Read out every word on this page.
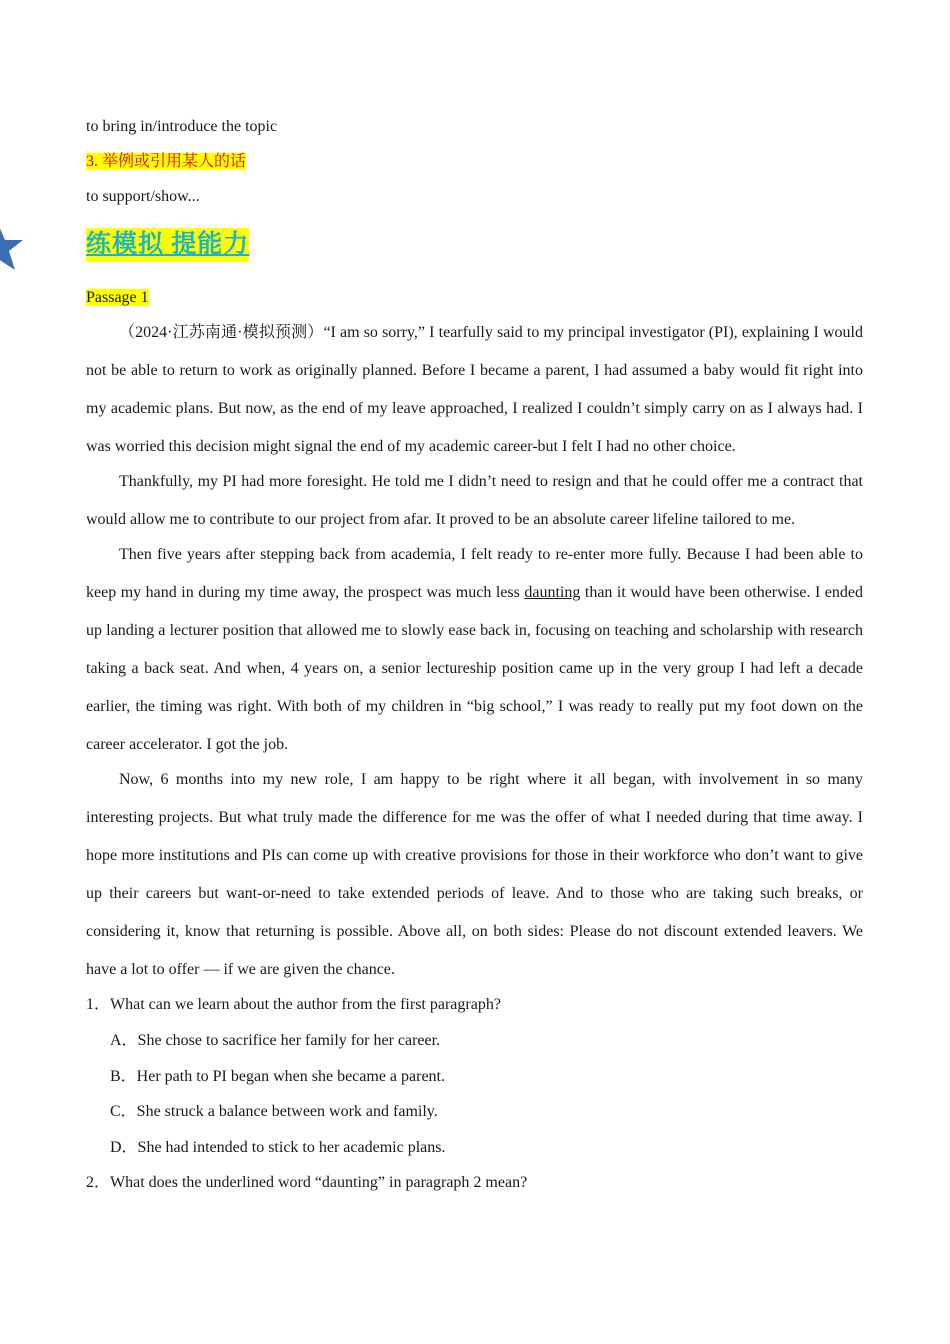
to bring in/introduce the topic
3. 举例或引用某人的话
to support/show...
练模拟 提能力
Passage 1

（2024·江苏南通·模拟预测）“I am so sorry,” I tearfully said to my principal investigator (PI), explaining I would not be able to return to work as originally planned. Before I became a parent, I had assumed a baby would fit right into my academic plans. But now, as the end of my leave approached, I realized I couldn’t simply carry on as I always had. I was worried this decision might signal the end of my academic career-but I felt I had no other choice.

Thankfully, my PI had more foresight. He told me I didn’t need to resign and that he could offer me a contract that would allow me to contribute to our project from afar. It proved to be an absolute career lifeline tailored to me.

Then five years after stepping back from academia, I felt ready to re-enter more fully. Because I had been able to keep my hand in during my time away, the prospect was much less daunting than it would have been otherwise. I ended up landing a lecturer position that allowed me to slowly ease back in, focusing on teaching and scholarship with research taking a back seat. And when, 4 years on, a senior lectureship position came up in the very group I had left a decade earlier, the timing was right. With both of my children in “big school,” I was ready to really put my foot down on the career accelerator. I got the job.

Now, 6 months into my new role, I am happy to be right where it all began, with involvement in so many interesting projects. But what truly made the difference for me was the offer of what I needed during that time away. I hope more institutions and PIs can come up with creative provisions for those in their workforce who don’t want to give up their careers but want-or-need to take extended periods of leave. And to those who are taking such breaks, or considering it, know that returning is possible. Above all, on both sides: Please do not discount extended leavers. We have a lot to offer — if we are given the chance.

1．What can we learn about the author from the first paragraph?
A．She chose to sacrifice her family for her career.
B．Her path to PI began when she became a parent.
C．She struck a balance between work and family.
D．She had intended to stick to her academic plans.
2．What does the underlined word “daunting” in paragraph 2 mean?
